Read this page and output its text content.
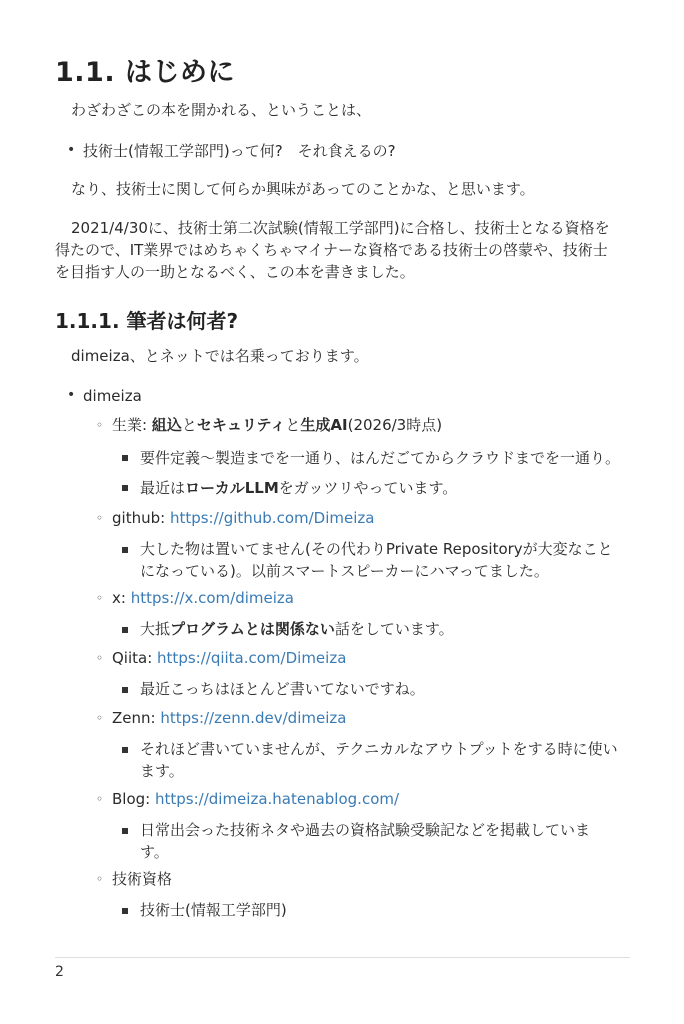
1.1. はじめに

わざわざこの本を開かれる、ということは、

• 技術士(情報工学部門)って何?　それ食えるの?

なり、技術士に関して何らか興味があってのことかな、と思います。

2021/4/30に、技術士第二次試験(情報工学部門)に合格し、技術士となる資格を
得たので、IT業界ではめちゃくちゃマイナーな資格である技術士の啓蒙や、技術士
を目指す人の一助となるべく、この本を書きました。
1.1.1. 筆者は何者?

dimeiza、とネットでは名乗っております。

• dimeiza

◦ 生業: 組込とセキュリティと生成AI(2026/3時点)

要件定義〜製造までを一通り、はんだごてからクラウドまでを一通り。

最近はローカルLLMをガッツリやっています。

◦ github: https://github.com/Dimeiza

大した物は置いてません(その代わりPrivate Repositoryが大変なこと
になっている)。以前スマートスピーカーにハマってました。
◦ x: https://x.com/dimeiza

大抵プログラムとは関係ない話をしています。

◦ Qiita: https://qiita.com/Dimeiza

最近こっちはほとんど書いてないですね。

◦ Zenn: https://zenn.dev/dimeiza

それほど書いていませんが、テクニカルなアウトプットをする時に使い
ます。
◦ Blog: https://dimeiza.hatenablog.com/

日常出会った技術ネタや過去の資格試験受験記などを掲載していま
す。
◦ 技術資格

技術士(情報工学部門)

2
